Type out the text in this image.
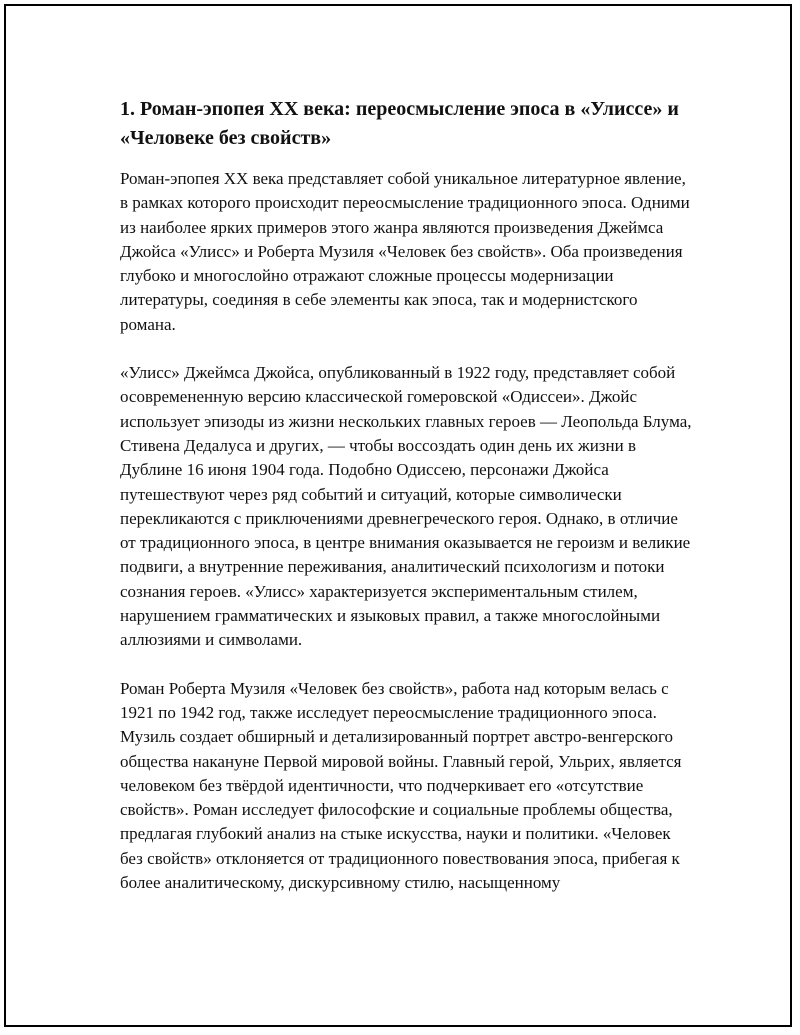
1. Роман-эпопея XX века: переосмысление эпоса в «Улиссе» и «Человеке без свойств»

Роман-эпопея XX века представляет собой уникальное литературное явление, в рамках которого происходит переосмысление традиционного эпоса. Одними из наиболее ярких примеров этого жанра являются произведения Джеймса Джойса «Улисс» и Роберта Музиля «Человек без свойств». Оба произведения глубоко и многослойно отражают сложные процессы модернизации литературы, соединяя в себе элементы как эпоса, так и модернистского романа.

«Улисс» Джеймса Джойса, опубликованный в 1922 году, представляет собой осовремененную версию классической гомеровской «Одиссеи». Джойс использует эпизоды из жизни нескольких главных героев — Леопольда Блума, Стивена Дедалуса и других, — чтобы воссоздать один день их жизни в Дублине 16 июня 1904 года. Подобно Одиссею, персонажи Джойса путешествуют через ряд событий и ситуаций, которые символически перекликаются с приключениями древнегреческого героя. Однако, в отличие от традиционного эпоса, в центре внимания оказывается не героизм и великие подвиги, а внутренние переживания, аналитический психологизм и потоки сознания героев. «Улисс» характеризуется экспериментальным стилем, нарушением грамматических и языковых правил, а также многослойными аллюзиями и символами.

Роман Роберта Музиля «Человек без свойств», работа над которым велась с 1921 по 1942 год, также исследует переосмысление традиционного эпоса. Музиль создает обширный и детализированный портрет австро-венгерского общества накануне Первой мировой войны. Главный герой, Ульрих, является человеком без твёрдой идентичности, что подчеркивает его «отсутствие свойств». Роман исследует философские и социальные проблемы общества, предлагая глубокий анализ на стыке искусства, науки и политики. «Человек без свойств» отклоняется от традиционного повествования эпоса, прибегая к более аналитическому, дискурсивному стилю, насыщенному
